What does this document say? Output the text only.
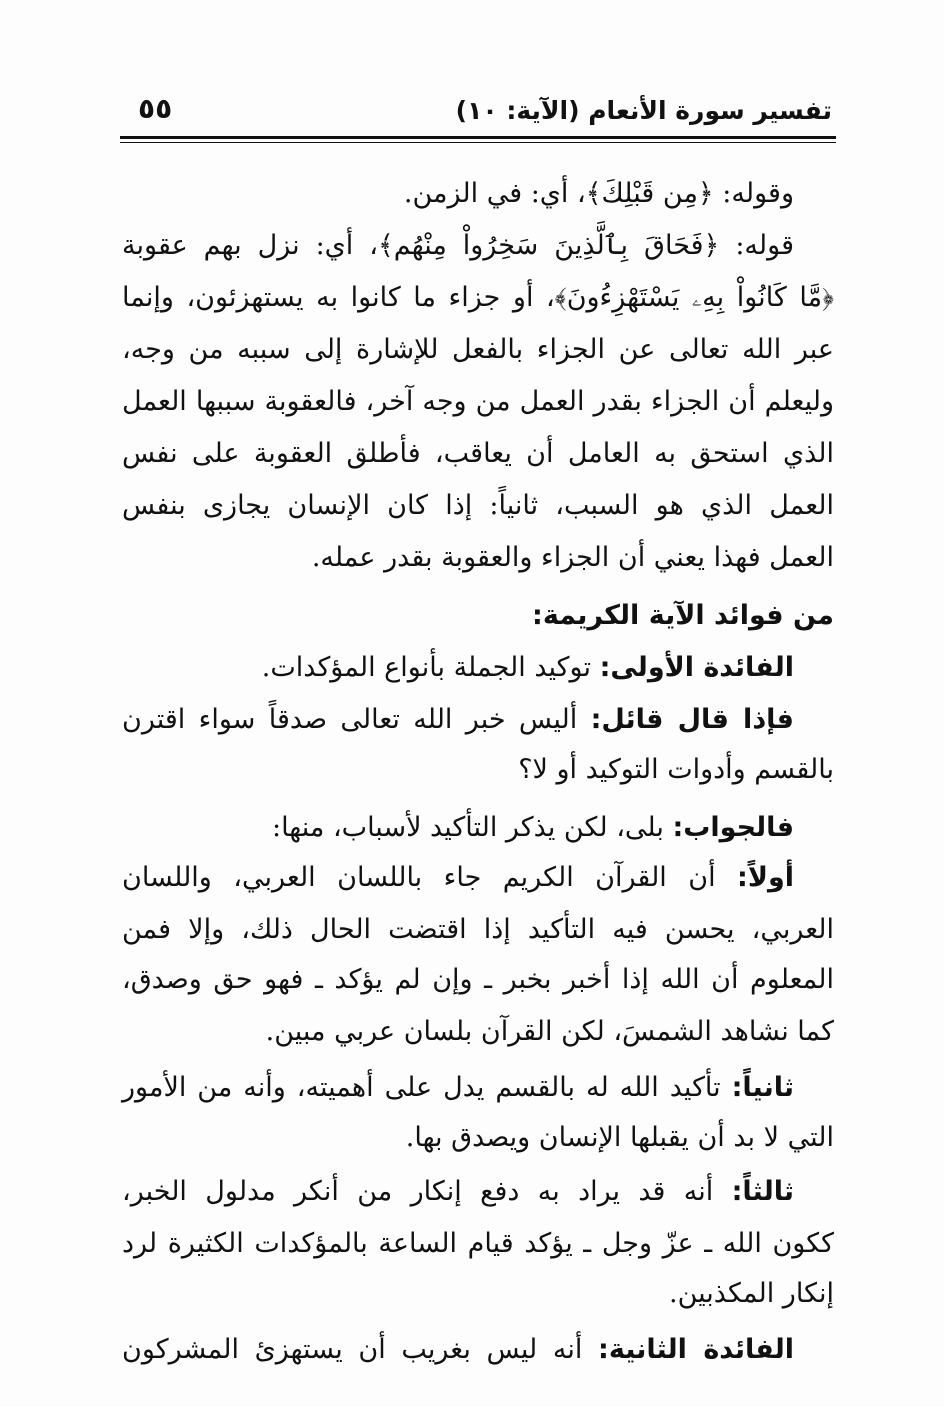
تفسير سورة الأنعام (الآية: ١٠)
٥٥
وقوله: ﴿مِن قَبْلِكَ﴾، أي: في الزمن.
قوله: ﴿فَحَاقَ بِٱلَّذِينَ سَخِرُواْ مِنْهُم﴾، أي: نزل بهم عقوبة
﴿مَّا كَانُواْ بِهِۦ يَسْتَهْزِءُونَ﴾، أو جزاء ما كانوا به يستهزئون، وإنما
عبر الله تعالى عن الجزاء بالفعل للإشارة إلى سببه من وجه،
وليعلم أن الجزاء بقدر العمل من وجه آخر، فالعقوبة سببها العمل
الذي استحق به العامل أن يعاقب، فأطلق العقوبة على نفس
العمل الذي هو السبب، ثانياً: إذا كان الإنسان يجازى بنفس
العمل فهذا يعني أن الجزاء والعقوبة بقدر عمله.
من فوائد الآية الكريمة:
الفائدة الأولى: توكيد الجملة بأنواع المؤكدات.
فإذا قال قائل: أليس خبر الله تعالى صدقاً سواء اقترن
بالقسم وأدوات التوكيد أو لا؟
فالجواب: بلى، لكن يذكر التأكيد لأسباب، منها:
أولاً: أن القرآن الكريم جاء باللسان العربي، واللسان
العربي، يحسن فيه التأكيد إذا اقتضت الحال ذلك، وإلا فمن
المعلوم أن الله إذا أخبر بخبر ـ وإن لم يؤكد ـ فهو حق وصدق،
كما نشاهد الشمسَ، لكن القرآن بلسان عربي مبين.
ثانياً: تأكيد الله له بالقسم يدل على أهميته، وأنه من الأمور
التي لا بد أن يقبلها الإنسان ويصدق بها.
ثالثاً: أنه قد يراد به دفع إنكار من أنكر مدلول الخبر،
ككون الله ـ عزّ وجل ـ يؤكد قيام الساعة بالمؤكدات الكثيرة لرد
إنكار المكذبين.
الفائدة الثانية: أنه ليس بغريب أن يستهزئ المشركون
